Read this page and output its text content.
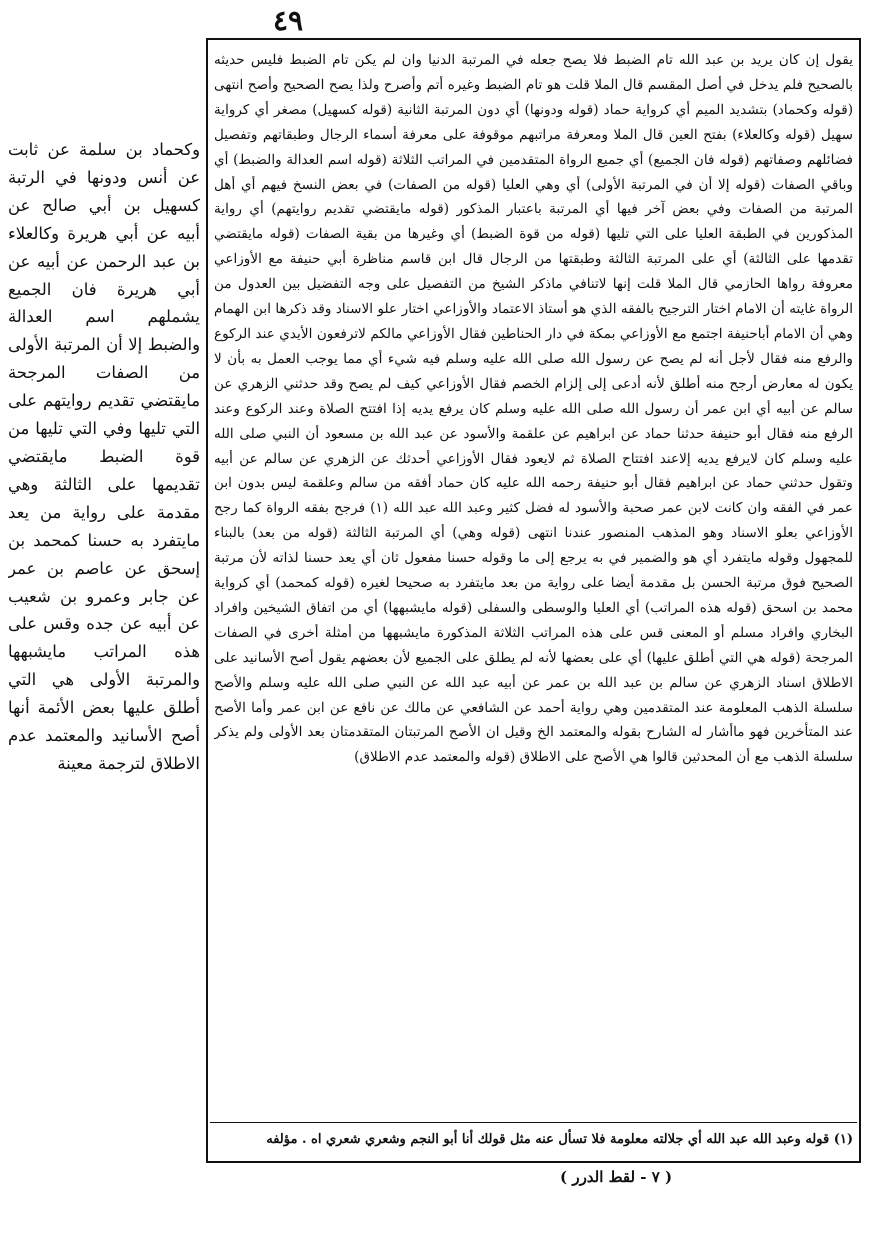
٤٩
يقول إن كان يريد بن عبد الله تام الضبط فلا يصح جعله في المرتبة الدنيا وان لم يكن تام الضبط فليس حديثه بالصحيح فلم يدخل في أصل المقسم قال الملا قلت هو تام الضبط وغيره أتم وأصرح ولذا يصح الصحيح وأصح انتهى (قوله وكحماد) بتشديد الميم أي كرواية حماد (قوله ودونها) أي دون المرتبة الثانية (قوله كسهيل) مصغر أي كرواية سهيل (قوله وكالعلاء) بفتح العين قال الملا ومعرفة مراتبهم موقوفة على معرفة أسماء الرجال وطبقاتهم وتفصيل فضائلهم وصفاتهم (قوله فان الجميع) أي جميع الرواة المتقدمين في المراتب الثلاثة (قوله اسم العدالة والضبط) أي وباقي الصفات (قوله إلا أن في المرتبة الأولى) أي وهي العليا (قوله من الصفات) في بعض النسخ فيهم أي أهل المرتبة من الصفات وفي بعض آخر فيها أي المرتبة باعتبار المذكور (قوله مايقتضي تقديم روايتهم) أي رواية المذكورين في الطبقة العليا على التي تليها (قوله من قوة الضبط) أي وغيرها من بقية الصفات (قوله مايقتضي تقدمها على الثالثة) أي على المرتبة الثالثة وطبقتها من الرجال قال ابن قاسم مناظرة أبي حنيفة مع الأوزاعي معروفة رواها الحازمي قال الملا قلت إنها لاتنافي ماذكر الشيخ من التفصيل على وجه التفضيل بين العدول من الرواة غايته أن الامام اختار الترجيح بالفقه الذي هو أستاذ الاعتماد والأوزاعي اختار علو الاسناد وقد ذكرها ابن الهمام وهي أن الامام أباحنيفة اجتمع مع الأوزاعي بمكة في دار الحناطين فقال الأوزاعي مالكم لاترفعون الأيدي عند الركوع والرفع منه فقال لأجل أنه لم يصح عن رسول الله صلى الله عليه وسلم فيه شيء أي مما يوجب العمل به بأن لا يكون له معارض أرجح منه أطلق لأنه أدعى إلى إلزام الخصم فقال الأوزاعي كيف لم يصح وقد حدثني الزهري عن سالم عن أبيه أي ابن عمر أن رسول الله صلى الله عليه وسلم كان يرفع يديه إذا افتتح الصلاة وعند الركوع وعند الرفع منه فقال أبو حنيفة حدثنا حماد عن ابراهيم عن علقمة والأسود عن عبد الله بن مسعود أن النبي صلى الله عليه وسلم كان لايرفع يديه إلاعند افتتاح الصلاة ثم لايعود فقال الأوزاعي أحدثك عن الزهري عن سالم عن أبيه وتقول حدثني حماد عن ابراهيم فقال أبو حنيفة رحمه الله عليه كان حماد أفقه من سالم وعلقمة ليس بدون ابن عمر في الفقه وان كانت لابن عمر صحبة والأسود له فضل كثير وعبد الله عبد الله (١) فرجح بفقه الرواة كما رجح الأوزاعي بعلو الاسناد وهو المذهب المنصور عندنا انتهى (قوله وهي) أي المرتبة الثالثة (قوله من بعد) بالبناء للمجهول وقوله مايتفرد أي هو والضمير في به يرجع إلى ما وقوله حسنا مفعول ثان أي يعد حسنا لذاته لأن مرتبة الصحيح فوق مرتبة الحسن بل مقدمة أيضا على رواية من بعد مايتفرد به صحيحا لغيره (قوله كمحمد) أي كرواية محمد بن اسحق (قوله هذه المراتب) أي العليا والوسطى والسفلى (قوله مايشبهها) أي من اتفاق الشيخين وافراد البخاري وافراد مسلم أو المعنى قس على هذه المراتب الثلاثة المذكورة مايشبهها من أمثلة أخرى في الصفات المرجحة (قوله هي التي أطلق عليها) أي على بعضها لأنه لم يطلق على الجميع لأن بعضهم يقول أصح الأسانيد على الاطلاق اسناد الزهري عن سالم بن عبد الله بن عمر عن أبيه عبد الله عن النبي صلى الله عليه وسلم والأصح سلسلة الذهب المعلومة عند المتقدمين وهي رواية أحمد عن الشافعي عن مالك عن نافع عن ابن عمر وأما الأصح عند المتأخرين فهو ماأشار له الشارح بقوله والمعتمد الخ وقيل ان الأصح المرتبتان المتقدمتان بعد الأولى ولم يذكر سلسلة الذهب مع أن المحدثين قالوا هي الأصح على الاطلاق (قوله والمعتمد عدم الاطلاق)
(١) قوله وعبد الله عبد الله أي جلالته معلومة فلا تسأل عنه مثل قولك أنا أبو النجم وشعري شعري اه . مؤلفه
وكحماد بن سلمة عن ثابت عن أنس ودونها في الرتبة كسهيل بن أبي صالح عن أبيه عن أبي هريرة وكالعلاء بن عبد الرحمن عن أبيه عن أبي هريرة فان الجميع يشملهم اسم العدالة والضبط إلا أن المرتبة الأولى من الصفات المرجحة مايقتضي تقديم روايتهم على التي تليها وفي التي تليها من قوة الضبط مايقتضي تقديمها على الثالثة وهي مقدمة على رواية من يعد مايتفرد به حسنا كمحمد بن إسحق عن عاصم بن عمر عن جابر وعمرو بن شعيب عن أبيه عن جده وقس على هذه المراتب مايشبهها والمرتبة الأولى هي التي أطلق عليها بعض الأئمة أنها أصح الأسانيد والمعتمد عدم الاطلاق لترجمة معينة
( ٧ - لقط الدرر )
